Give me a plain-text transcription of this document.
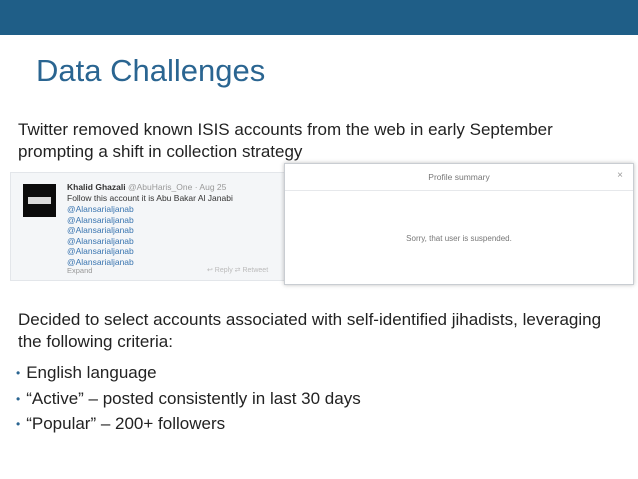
Data Challenges
Twitter removed known ISIS accounts from the web in early September prompting a shift in collection strategy
Khalid Ghazali @AbuHaris_One · Aug 25
Follow this account it is Abu Bakar Al Janabi
@Alansarialjanab
@Alansarialjanab
@Alansarialjanab
@Alansarialjanab
@Alansarialjanab
@Alansarialjanab
Expand	↩ Reply ⇄ Retweet
Profile summary	×
Sorry, that user is suspended.
Decided to select accounts associated with self-identified jihadists, leveraging the following criteria:
• English language
• “Active” – posted consistently in last 30 days
• “Popular” – 200+ followers
